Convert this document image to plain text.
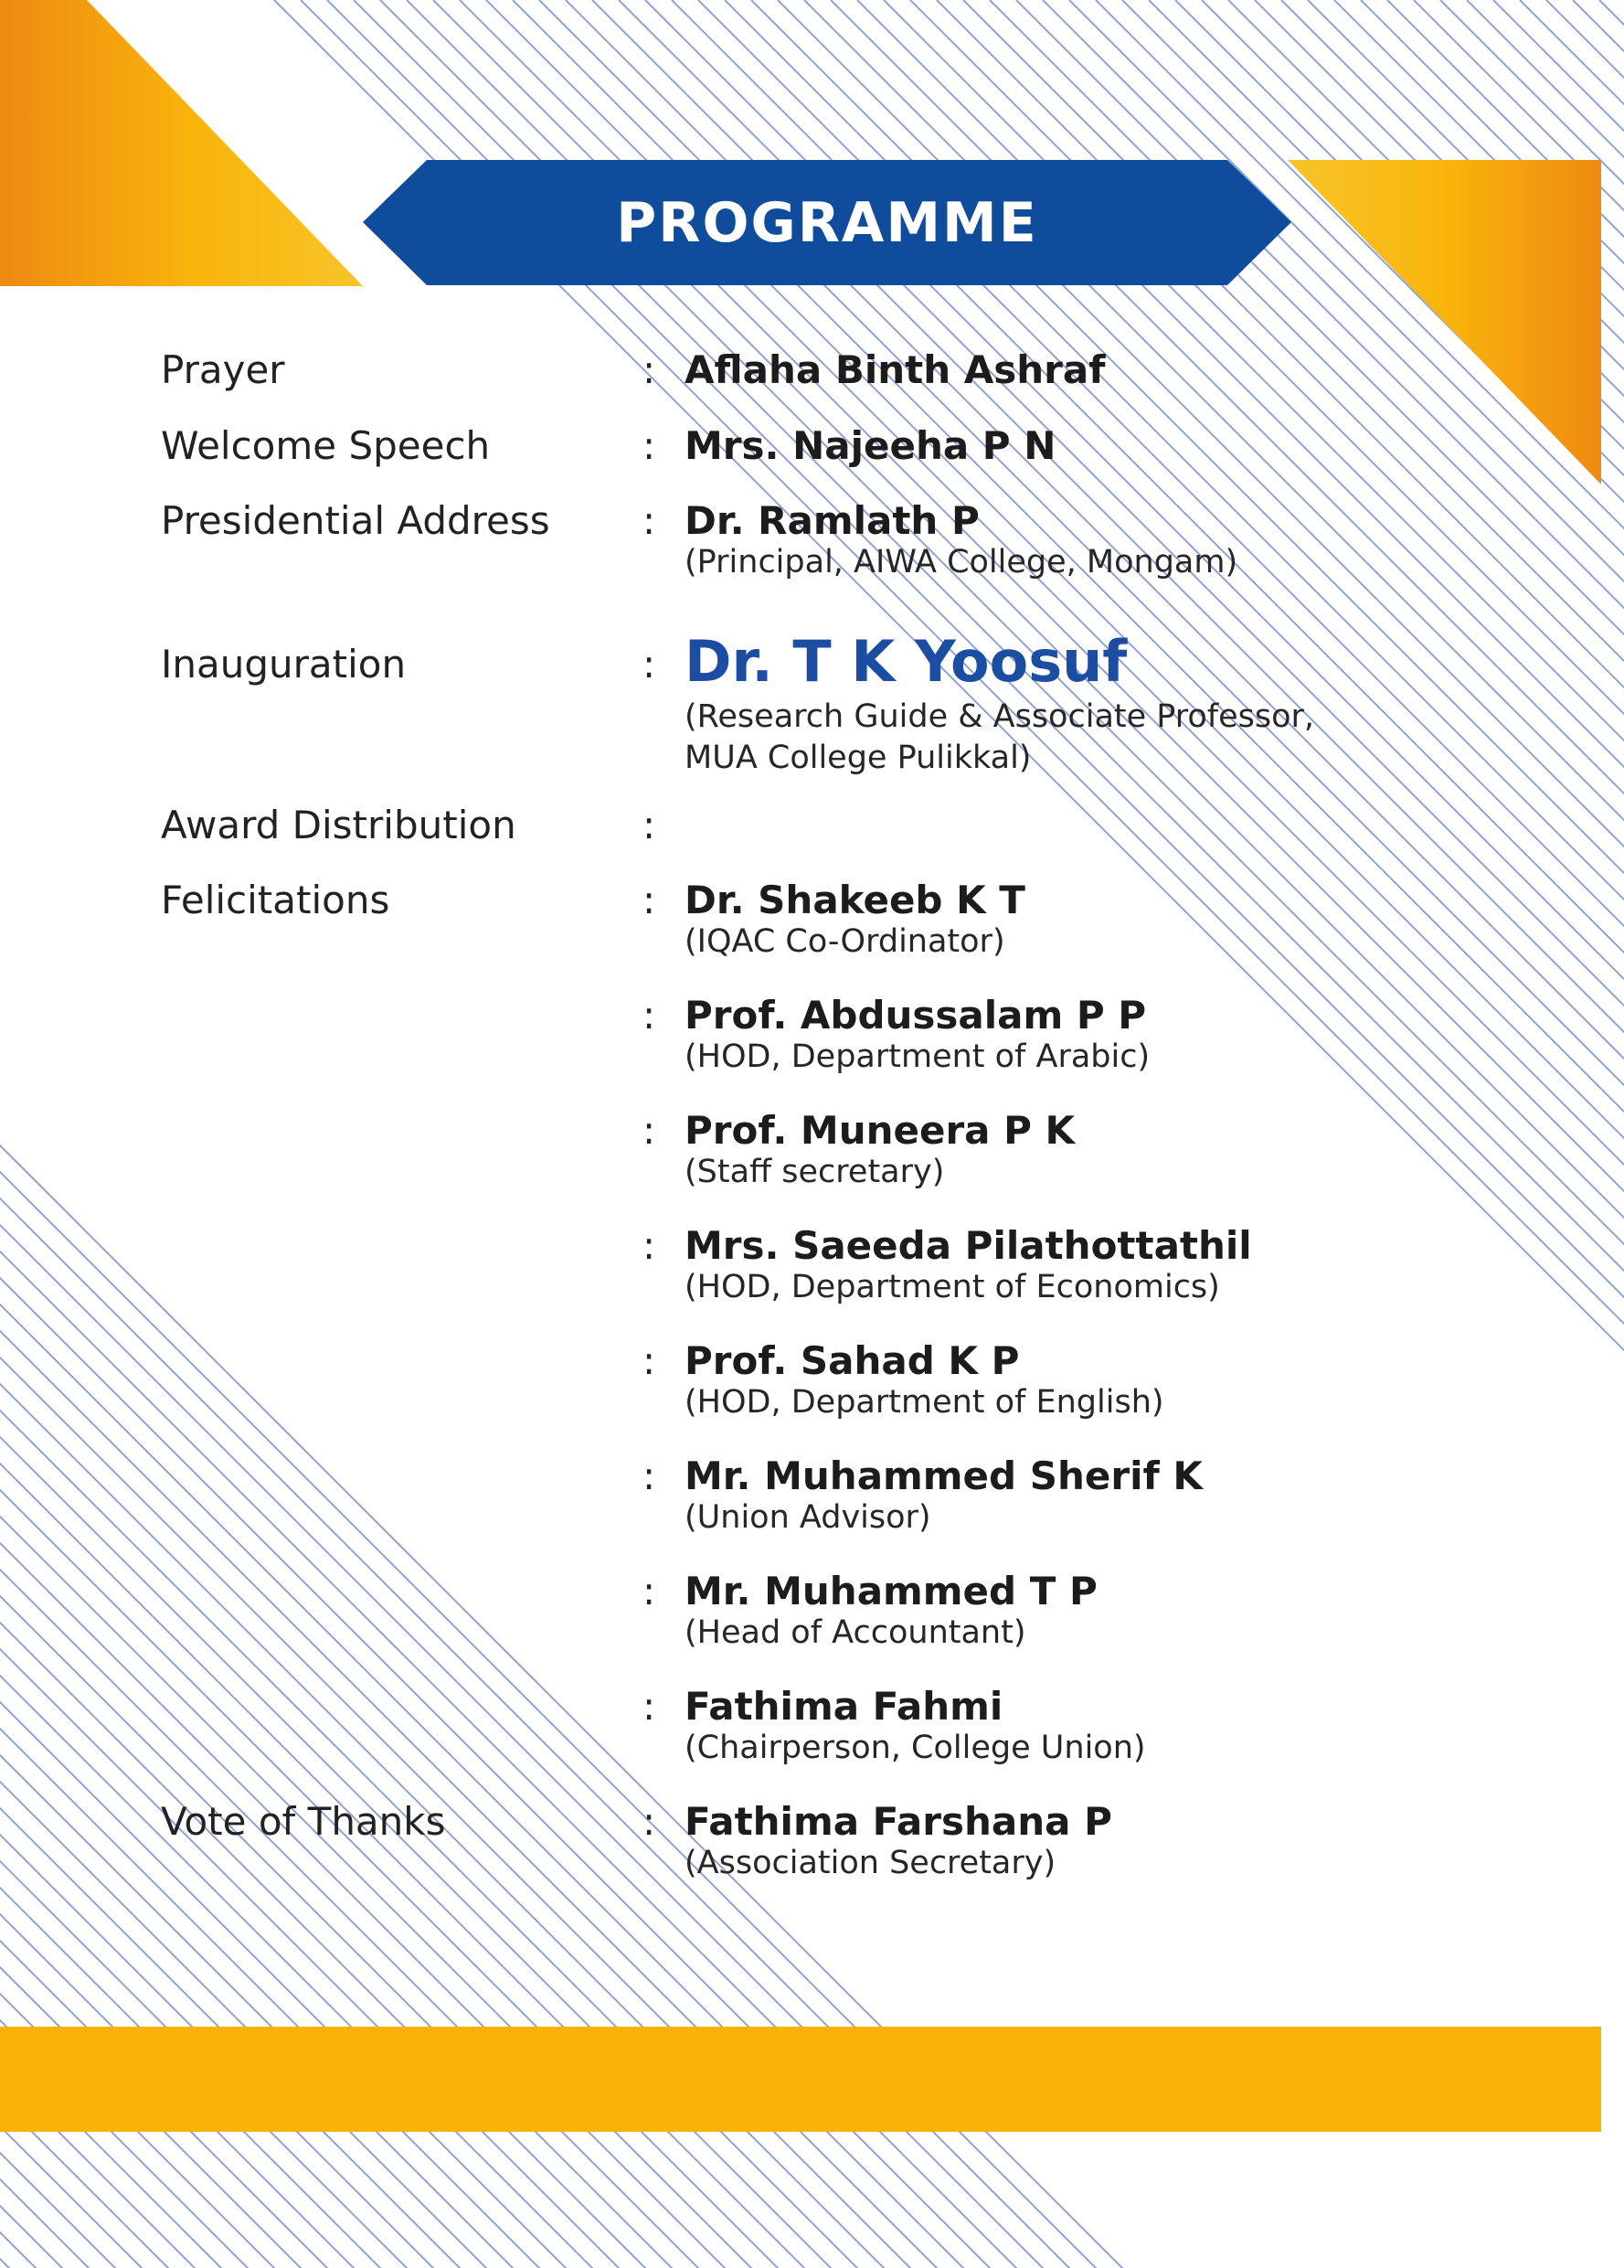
PROGRAMME
Prayer	: Aflaha Binth Ashraf
Welcome Speech	: Mrs. Najeeha P N
Presidential Address : Dr. Ramlath P
(Principal, AIWA College, Mongam)
Inauguration	: Dr. T K Yoosuf
(Research Guide & Associate Professor,
MUA College Pulikkal)
Award Distribution	:
Felicitations	: Dr. Shakeeb K T
(IQAC Co-Ordinator)
: Prof. Abdussalam P P
(HOD, Department of Arabic)
: Prof. Muneera P K
(Staff secretary)
: Mrs. Saeeda Pilathottathil
(HOD, Department of Economics)
: Prof. Sahad K P
(HOD, Department of English)
: Mr. Muhammed Sherif K
(Union Advisor)
: Mr. Muhammed T P
(Head of Accountant)
: Fathima Fahmi
(Chairperson, College Union)
Vote of Thanks	: Fathima Farshana P
(Association Secretary)
